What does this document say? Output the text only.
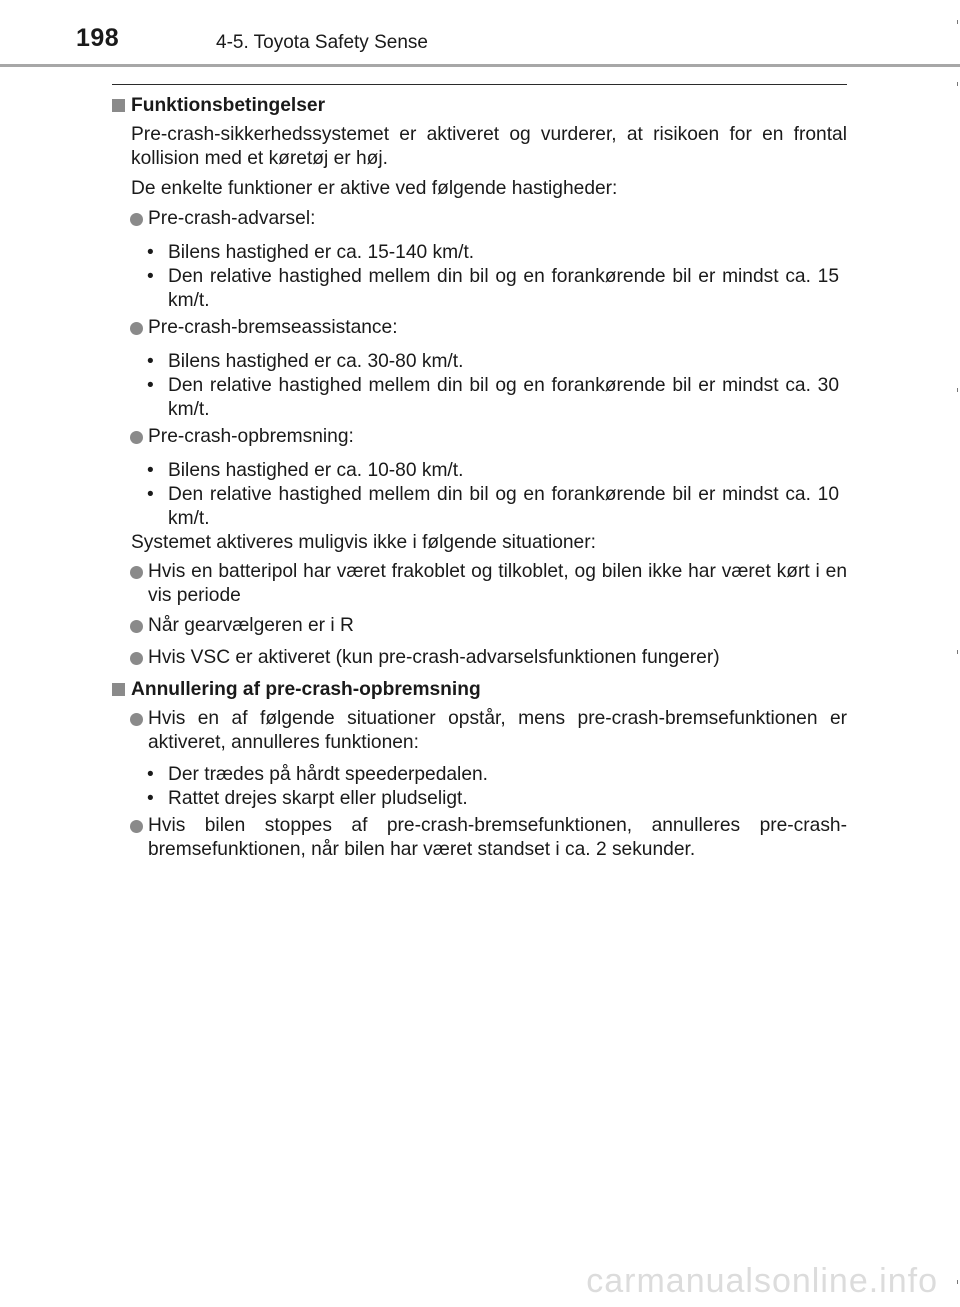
198	4-5. Toyota Safety Sense
Funktionsbetingelser
Pre-crash-sikkerhedssystemet er aktiveret og vurderer, at risikoen for en frontal kollision med et køretøj er høj.
De enkelte funktioner er aktive ved følgende hastigheder:
Pre-crash-advarsel:
• Bilens hastighed er ca. 15-140 km/t.
• Den relative hastighed mellem din bil og en forankørende bil er mindst ca. 15 km/t.
Pre-crash-bremseassistance:
• Bilens hastighed er ca. 30-80 km/t.
• Den relative hastighed mellem din bil og en forankørende bil er mindst ca. 30 km/t.
Pre-crash-opbremsning:
• Bilens hastighed er ca. 10-80 km/t.
• Den relative hastighed mellem din bil og en forankørende bil er mindst ca. 10 km/t.
Systemet aktiveres muligvis ikke i følgende situationer:
Hvis en batteripol har været frakoblet og tilkoblet, og bilen ikke har været kørt i en vis periode
Når gearvælgeren er i R
Hvis VSC er aktiveret (kun pre-crash-advarselsfunktionen fungerer)
Annullering af pre-crash-opbremsning
Hvis en af følgende situationer opstår, mens pre-crash-bremsefunktionen er aktiveret, annulleres funktionen:
• Der trædes på hårdt speederpedalen.
• Rattet drejes skarpt eller pludseligt.
Hvis bilen stoppes af pre-crash-bremsefunktionen, annulleres pre-crash-bremsefunktionen, når bilen har været standset i ca. 2 sekunder.
carmanualsonline.info
